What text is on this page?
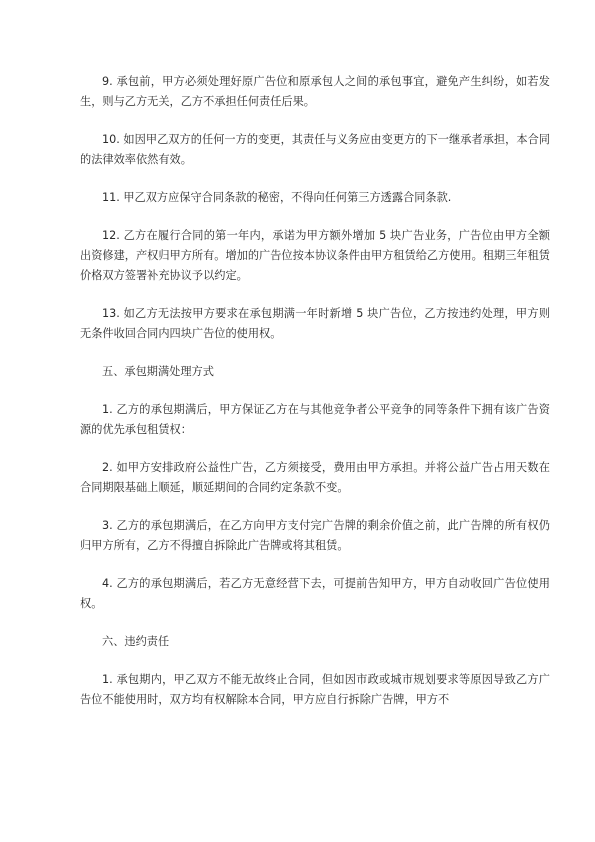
9. 承包前，甲方必须处理好原广告位和原承包人之间的承包事宜，避免产生纠纷，如若发生，则与乙方无关，乙方不承担任何责任后果。

10. 如因甲乙双方的任何一方的变更，其责任与义务应由变更方的下一继承者承担，本合同的法律效率依然有效。

11. 甲乙双方应保守合同条款的秘密，不得向任何第三方透露合同条款.

12. 乙方在履行合同的第一年内，承诺为甲方额外增加 5 块广告业务，广告位由甲方全额出资修建，产权归甲方所有。增加的广告位按本协议条件由甲方租赁给乙方使用。租期三年租赁价格双方签署补充协议予以约定。

13. 如乙方无法按甲方要求在承包期满一年时新增 5 块广告位，乙方按违约处理，甲方则无条件收回合同内四块广告位的使用权。

五、承包期满处理方式

1. 乙方的承包期满后，甲方保证乙方在与其他竞争者公平竞争的同等条件下拥有该广告资源的优先承包租赁权：

2. 如甲方安排政府公益性广告，乙方须接受，费用由甲方承担。并将公益广告占用天数在合同期限基础上顺延，顺延期间的合同约定条款不变。

3. 乙方的承包期满后，在乙方向甲方支付完广告牌的剩余价值之前，此广告牌的所有权仍归甲方所有，乙方不得擅自拆除此广告牌或将其租赁。

4. 乙方的承包期满后，若乙方无意经营下去，可提前告知甲方，甲方自动收回广告位使用权。

六、违约责任

1. 承包期内，甲乙双方不能无故终止合同，但如因市政或城市规划要求等原因导致乙方广告位不能使用时，双方均有权解除本合同，甲方应自行拆除广告牌，甲方不
